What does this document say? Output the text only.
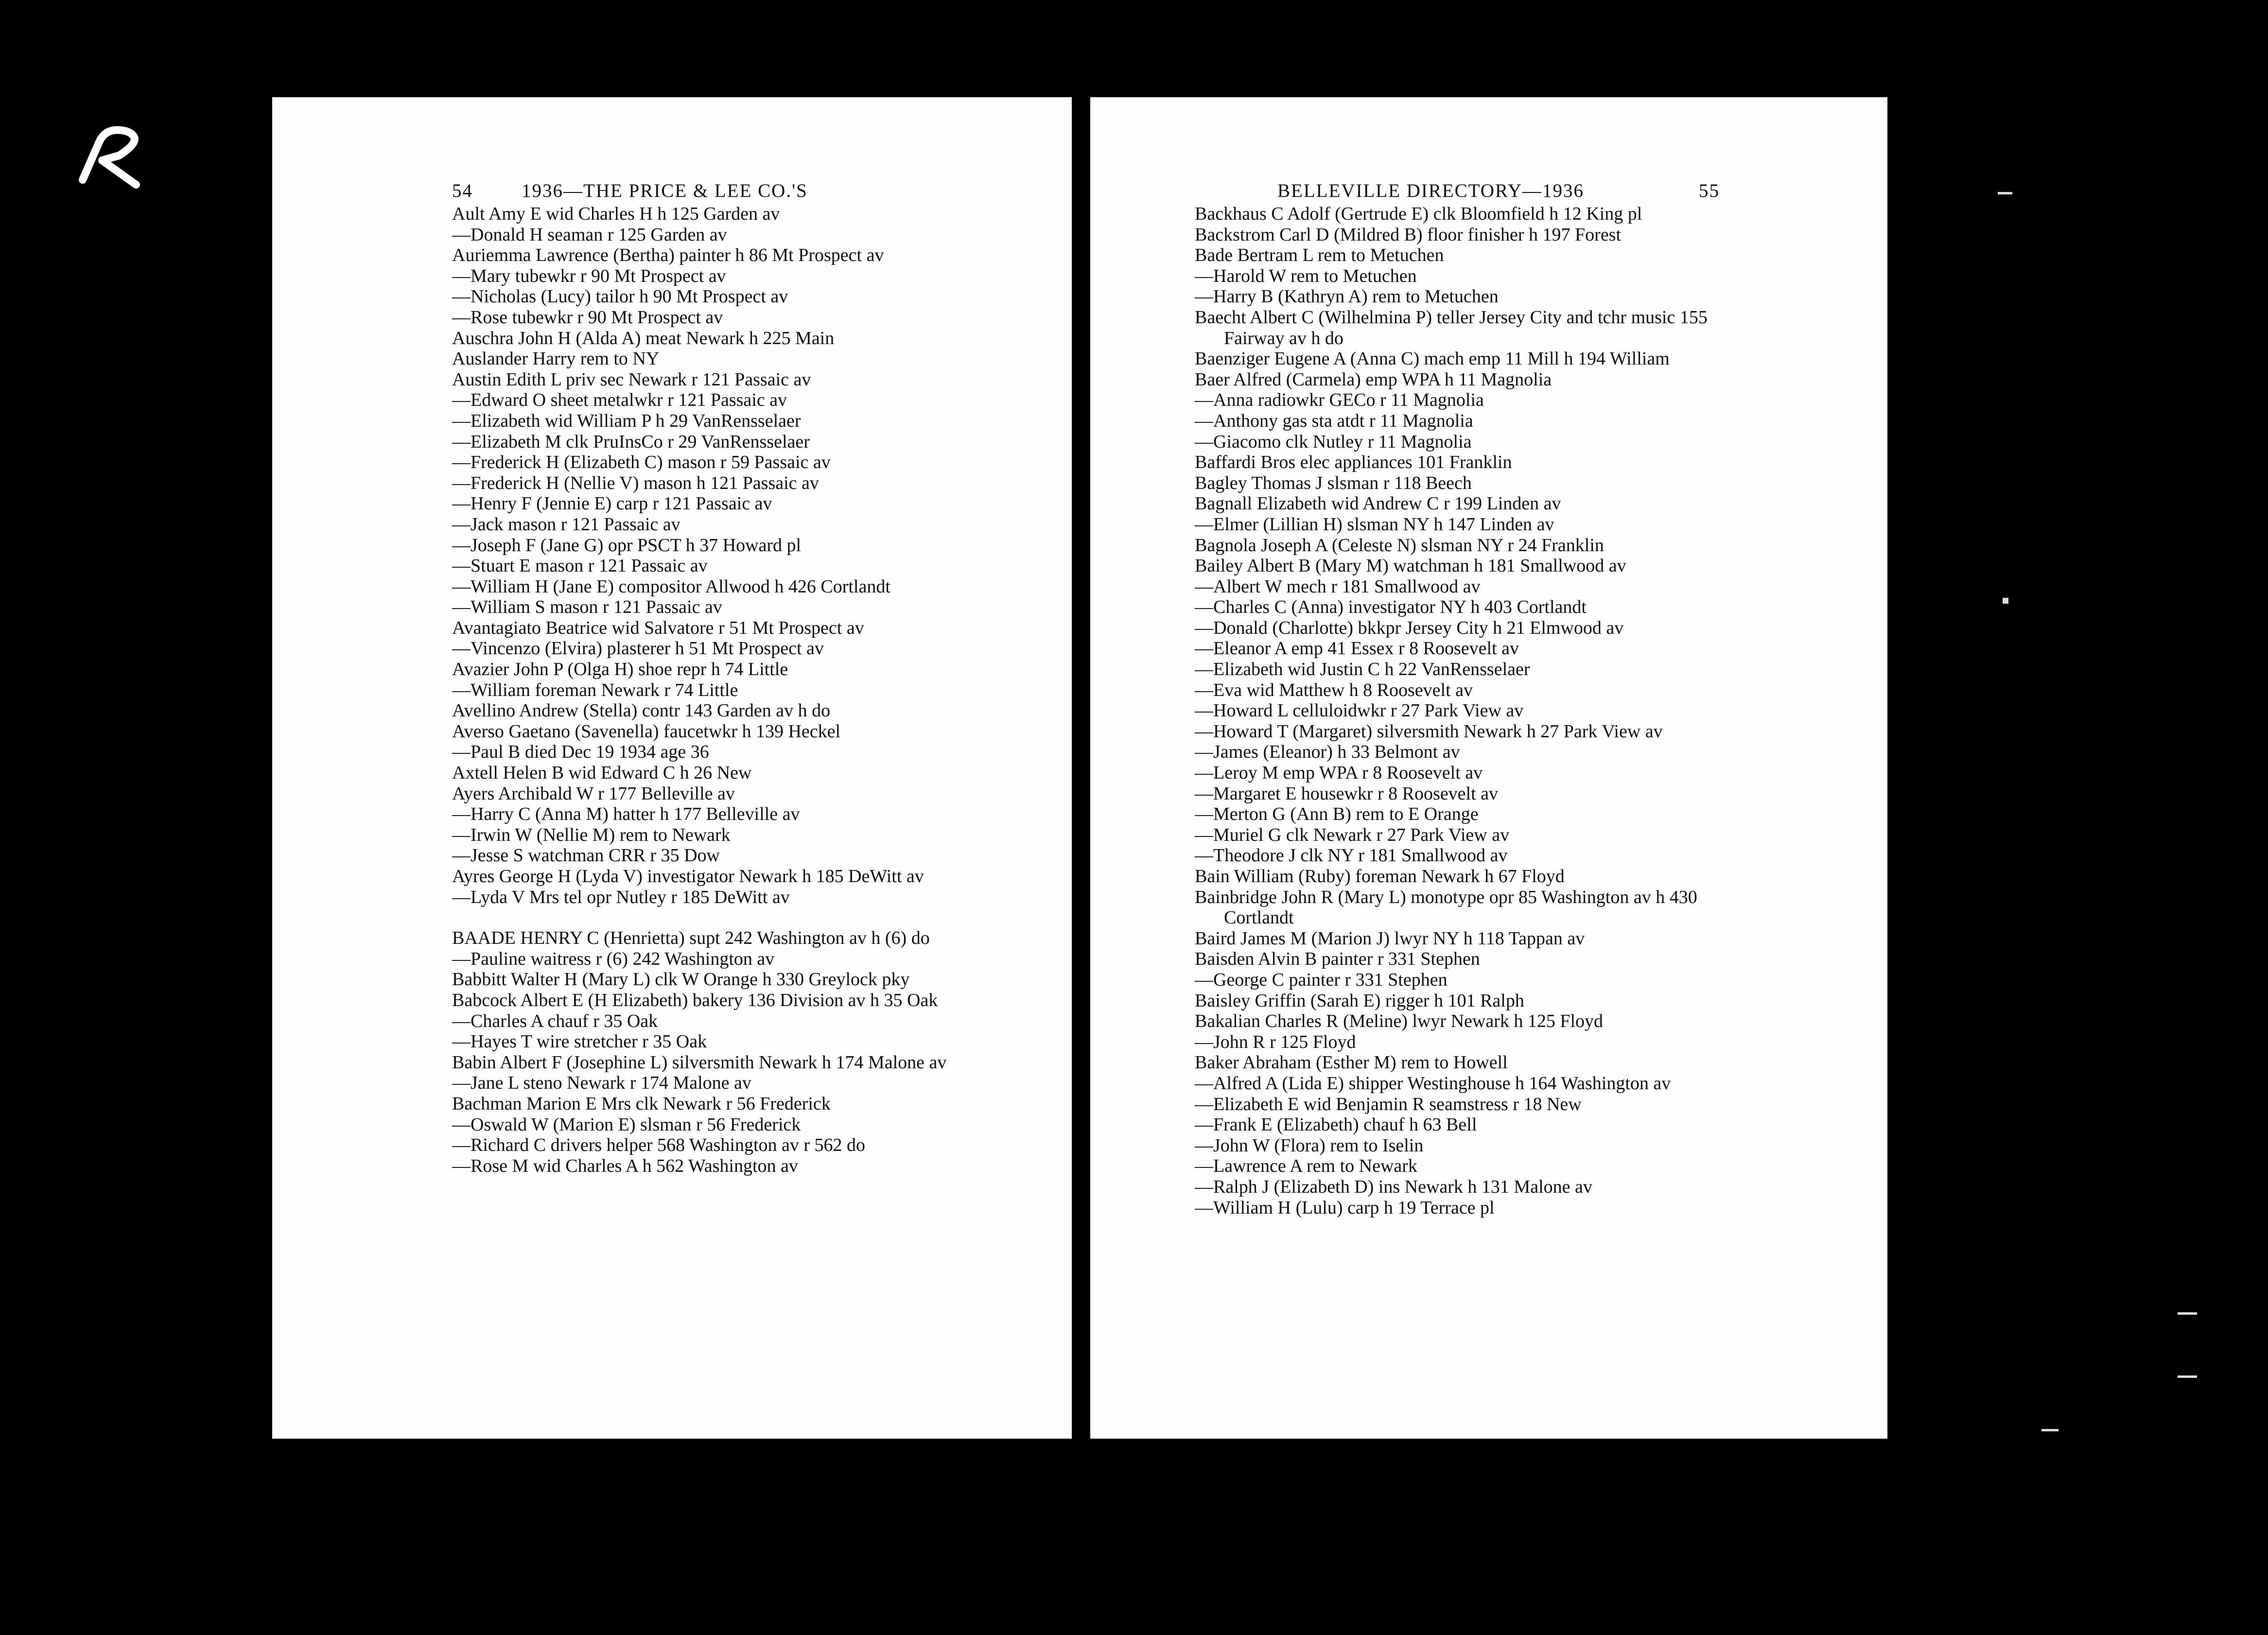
54	1936—THE PRICE & LEE CO.'S
Ault Amy E wid Charles H h 125 Garden av
—Donald H seaman r 125 Garden av
Auriemma Lawrence (Bertha) painter h 86 Mt Prospect av
—Mary tubewkr r 90 Mt Prospect av
—Nicholas (Lucy) tailor h 90 Mt Prospect av
—Rose tubewkr r 90 Mt Prospect av
Auschra John H (Alda A) meat Newark h 225 Main
Auslander Harry rem to NY
Austin Edith L priv sec Newark r 121 Passaic av
—Edward O sheet metalwkr r 121 Passaic av
—Elizabeth wid William P h 29 VanRensselaer
—Elizabeth M clk PruInsCo r 29 VanRensselaer
—Frederick H (Elizabeth C) mason r 59 Passaic av
—Frederick H (Nellie V) mason h 121 Passaic av
—Henry F (Jennie E) carp r 121 Passaic av
—Jack mason r 121 Passaic av
—Joseph F (Jane G) opr PSCT h 37 Howard pl
—Stuart E mason r 121 Passaic av
—William H (Jane E) compositor Allwood h 426 Cortlandt
—William S mason r 121 Passaic av
Avantagiato Beatrice wid Salvatore r 51 Mt Prospect av
—Vincenzo (Elvira) plasterer h 51 Mt Prospect av
Avazier John P (Olga H) shoe repr h 74 Little
—William foreman Newark r 74 Little
Avellino Andrew (Stella) contr 143 Garden av h do
Averso Gaetano (Savenella) faucetwkr h 139 Heckel
—Paul B died Dec 19 1934 age 36
Axtell Helen B wid Edward C h 26 New
Ayers Archibald W r 177 Belleville av
—Harry C (Anna M) hatter h 177 Belleville av
—Irwin W (Nellie M) rem to Newark
—Jesse S watchman CRR r 35 Dow
Ayres George H (Lyda V) investigator Newark h 185 DeWitt av
—Lyda V Mrs tel opr Nutley r 185 DeWitt av
BAADE HENRY C (Henrietta) supt 242 Washington av h (6) do
—Pauline waitress r (6) 242 Washington av
Babbitt Walter H (Mary L) clk W Orange h 330 Greylock pky
Babcock Albert E (H Elizabeth) bakery 136 Division av h 35 Oak
—Charles A chauf r 35 Oak
—Hayes T wire stretcher r 35 Oak
Babin Albert F (Josephine L) silversmith Newark h 174 Malone av
—Jane L steno Newark r 174 Malone av
Bachman Marion E Mrs clk Newark r 56 Frederick
—Oswald W (Marion E) slsman r 56 Frederick
—Richard C drivers helper 568 Washington av r 562 do
—Rose M wid Charles A h 562 Washington av
BELLEVILLE DIRECTORY—1936	55
Backhaus C Adolf (Gertrude E) clk Bloomfield h 12 King pl
Backstrom Carl D (Mildred B) floor finisher h 197 Forest
Bade Bertram L rem to Metuchen
—Harold W rem to Metuchen
—Harry B (Kathryn A) rem to Metuchen
Baecht Albert C (Wilhelmina P) teller Jersey City and tchr music 155 Fairway av h do
Baenziger Eugene A (Anna C) mach emp 11 Mill h 194 William
Baer Alfred (Carmela) emp WPA h 11 Magnolia
—Anna radiowkr GECo r 11 Magnolia
—Anthony gas sta atdt r 11 Magnolia
—Giacomo clk Nutley r 11 Magnolia
Baffardi Bros elec appliances 101 Franklin
Bagley Thomas J slsman r 118 Beech
Bagnall Elizabeth wid Andrew C r 199 Linden av
—Elmer (Lillian H) slsman NY h 147 Linden av
Bagnola Joseph A (Celeste N) slsman NY r 24 Franklin
Bailey Albert B (Mary M) watchman h 181 Smallwood av
—Albert W mech r 181 Smallwood av
—Charles C (Anna) investigator NY h 403 Cortlandt
—Donald (Charlotte) bkkpr Jersey City h 21 Elmwood av
—Eleanor A emp 41 Essex r 8 Roosevelt av
—Elizabeth wid Justin C h 22 VanRensselaer
—Eva wid Matthew h 8 Roosevelt av
—Howard L celluloidwkr r 27 Park View av
—Howard T (Margaret) silversmith Newark h 27 Park View av
—James (Eleanor) h 33 Belmont av
—Leroy M emp WPA r 8 Roosevelt av
—Margaret E housewkr r 8 Roosevelt av
—Merton G (Ann B) rem to E Orange
—Muriel G clk Newark r 27 Park View av
—Theodore J clk NY r 181 Smallwood av
Bain William (Ruby) foreman Newark h 67 Floyd
Bainbridge John R (Mary L) monotype opr 85 Washington av h 430 Cortlandt
Baird James M (Marion J) lwyr NY h 118 Tappan av
Baisden Alvin B painter r 331 Stephen
—George C painter r 331 Stephen
Baisley Griffin (Sarah E) rigger h 101 Ralph
Bakalian Charles R (Meline) lwyr Newark h 125 Floyd
—John R r 125 Floyd
Baker Abraham (Esther M) rem to Howell
—Alfred A (Lida E) shipper Westinghouse h 164 Washington av
—Elizabeth E wid Benjamin R seamstress r 18 New
—Frank E (Elizabeth) chauf h 63 Bell
—John W (Flora) rem to Iselin
—Lawrence A rem to Newark
—Ralph J (Elizabeth D) ins Newark h 131 Malone av
—William H (Lulu) carp h 19 Terrace pl
